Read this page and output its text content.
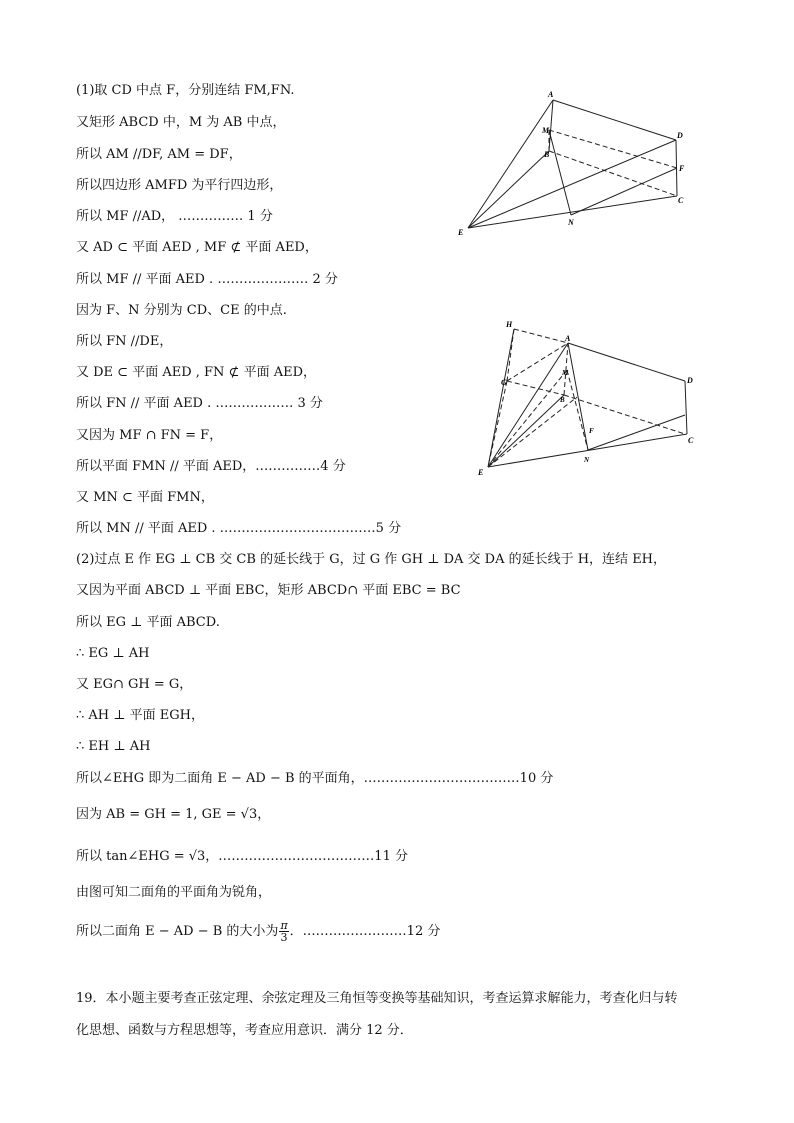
(1)取 CD 中点 F，分别连结 FM,FN.
又矩形 ABCD 中，M 为 AB 中点，
所以 AM //DF, AM = DF，
所以四边形 AMFD 为平行四边形，
所以 MF //AD， …………… 1 分
又 AD ⊂ 平面 AED , MF ⊄ 平面 AED，
所以 MF // 平面 AED . ………………… 2 分
因为 F、N 分别为 CD、CE 的中点.
所以 FN //DE，
又 DE ⊂ 平面 AED , FN ⊄ 平面 AED，
所以 FN // 平面 AED . ……………… 3 分
又因为 MF ∩ FN = F，
所以平面 FMN // 平面 AED，……………4 分
又 MN ⊂ 平面 FMN，
所以 MN // 平面 AED . ………………………………5 分
(2)过点 E 作 EG ⊥ CB 交 CB 的延长线于 G，过 G 作 GH ⊥ DA 交 DA 的延长线于 H，连结 EH，
又因为平面 ABCD ⊥ 平面 EBC，矩形 ABCD∩ 平面 EBC = BC
所以 EG ⊥ 平面 ABCD.
∴ EG ⊥ AH
又 EG∩ GH = G，
∴ AH ⊥ 平面 EGH，
∴ EH ⊥ AH
所以∠EHG 即为二面角 E − AD − B 的平面角，………………………………10 分
因为 AB = GH = 1, GE = √3，
所以 tan∠EHG = √3，………………………………11 分
由图可知二面角的平面角为锐角，
所以二面角 E − AD − B 的大小为 $\frac{\pi}{3}$ ．……………………12 分
19．本小题主要考查正弦定理、余弦定理及三角恒等变换等基础知识，考查运算求解能力，考查化归与转
化思想、函数与方程思想等，考查应用意识．满分 12 分．
A
M
B
D
F
C
N
E
H
A
G
M
B
D
F
C
E
N
